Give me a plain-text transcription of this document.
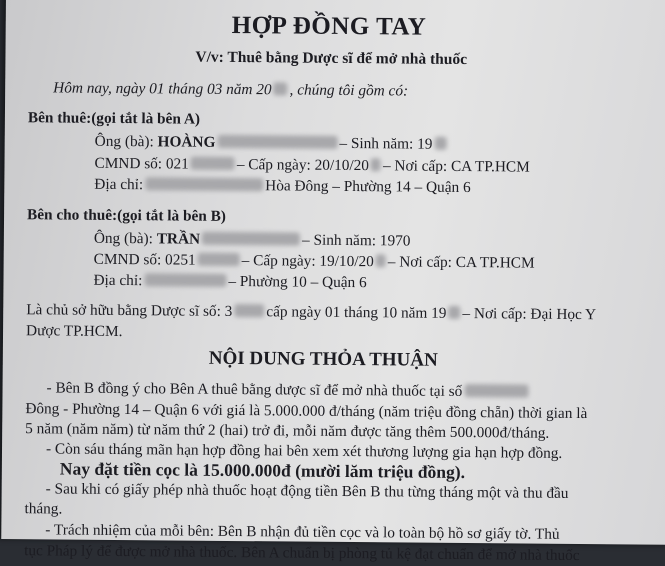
HỢP ĐỒNG TAY
V/v: Thuê bằng Dược sĩ để mở nhà thuốc
Hôm nay, ngày 01 tháng 03 năm 20 , chúng tôi gồm có:
Bên thuê:(gọi tắt là bên A)
Ông (bà): HOÀNG	– Sinh năm: 19
CMND số: 021	– Cấp ngày: 20/10/20 – Nơi cấp: CA TP.HCM
Địa chỉ:	Hòa Đông – Phường 14 – Quận 6
Bên cho thuê:(gọi tắt là bên B)
Ông (bà): TRẦN	– Sinh năm: 1970
CMND số: 0251	– Cấp ngày: 19/10/20 – Nơi cấp: CA TP.HCM
Địa chỉ:	– Phường 10 – Quận 6
Là chủ sở hữu bằng Dược sĩ số: 3 cấp ngày 01 tháng 10 năm 19 – Nơi cấp: Đại Học Y
Dược TP.HCM.
NỘI DUNG THỎA THUẬN
- Bên B đồng ý cho Bên A thuê bằng dược sĩ để mở nhà thuốc tại số
Đông - Phường 14 – Quận 6 với giá là 5.000.000 đ/tháng (năm triệu đồng chẵn) thời gian là
5 năm (năm năm) từ năm thứ 2 (hai) trở đi, mỗi năm được tăng thêm 500.000đ/tháng.
- Còn sáu tháng mãn hạn hợp đồng hai bên xem xét thương lượng gia hạn hợp đồng.
Nay đặt tiền cọc là 15.000.000đ (mười lăm triệu đồng).
- Sau khi có giấy phép nhà thuốc hoạt động tiền Bên B thu từng tháng một và thu đầu
tháng.
- Trách nhiệm của mỗi bên: Bên B nhận đủ tiền cọc và lo toàn bộ hồ sơ giấy tờ. Thủ
tục Pháp lý để được mở nhà thuốc. Bên A chuẩn bị phòng tủ kệ đạt chuẩn để mở nhà thuốc
